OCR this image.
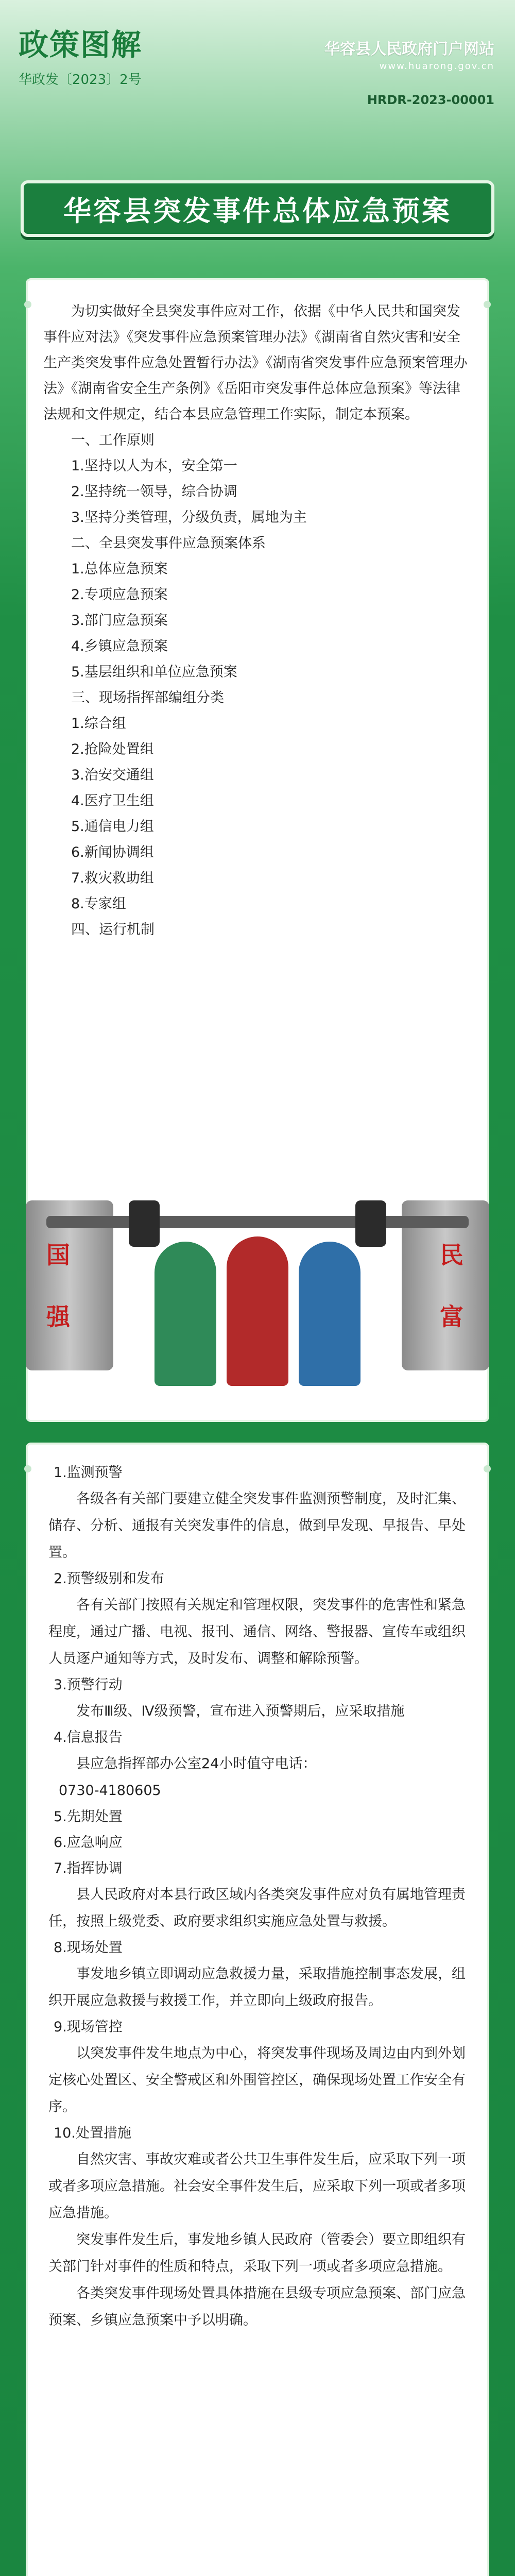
政策图解
华政发〔2023〕2号
华容县人民政府门户网站
www.huarong.gov.cn
HRDR-2023-00001
华容县突发事件总体应急预案

为切实做好全县突发事件应对工作，依据《中华人民共和国突发事件应对法》《突发事件应急预案管理办法》《湖南省自然灾害和安全生产类突发事件应急处置暂行办法》《湖南省突发事件应急预案管理办法》《湖南省安全生产条例》《岳阳市突发事件总体应急预案》等法律法规和文件规定，结合本县应急管理工作实际，制定本预案。

一、工作原则
1.坚持以人为本，安全第一
2.坚持统一领导，综合协调
3.坚持分类管理，分级负责，属地为主
二、全县突发事件应急预案体系
1.总体应急预案
2.专项应急预案
3.部门应急预案
4.乡镇应急预案
5.基层组织和单位应急预案
三、现场指挥部编组分类
1.综合组
2.抢险处置组
3.治安交通组
4.医疗卫生组
5.通信电力组
6.新闻协调组
7.救灾救助组
8.专家组
四、运行机制
国
强
民
富
1.监测预警

各级各有关部门要建立健全突发事件监测预警制度，及时汇集、储存、分析、通报有关突发事件的信息，做到早发现、早报告、早处置。

2.预警级别和发布

各有关部门按照有关规定和管理权限，突发事件的危害性和紧急程度，通过广播、电视、报刊、通信、网络、警报器、宣传车或组织人员逐户通知等方式，及时发布、调整和解除预警。

3.预警行动

发布Ⅲ级、Ⅳ级预警，宣布进入预警期后，应采取措施

4.信息报告

县应急指挥部办公室24小时值守电话：

0730-4180605

5.先期处置
6.应急响应
7.指挥协调

县人民政府对本县行政区域内各类突发事件应对负有属地管理责任，按照上级党委、政府要求组织实施应急处置与救援。

8.现场处置

事发地乡镇立即调动应急救援力量，采取措施控制事态发展，组织开展应急救援与救援工作，并立即向上级政府报告。

9.现场管控

以突发事件发生地点为中心，将突发事件现场及周边由内到外划定核心处置区、安全警戒区和外围管控区，确保现场处置工作安全有序。

10.处置措施

自然灾害、事故灾难或者公共卫生事件发生后，应采取下列一项或者多项应急措施。社会安全事件发生后，应采取下列一项或者多项应急措施。

突发事件发生后，事发地乡镇人民政府（管委会）要立即组织有关部门针对事件的性质和特点，采取下列一项或者多项应急措施。

各类突发事件现场处置具体措施在县级专项应急预案、部门应急预案、乡镇应急预案中予以明确。
